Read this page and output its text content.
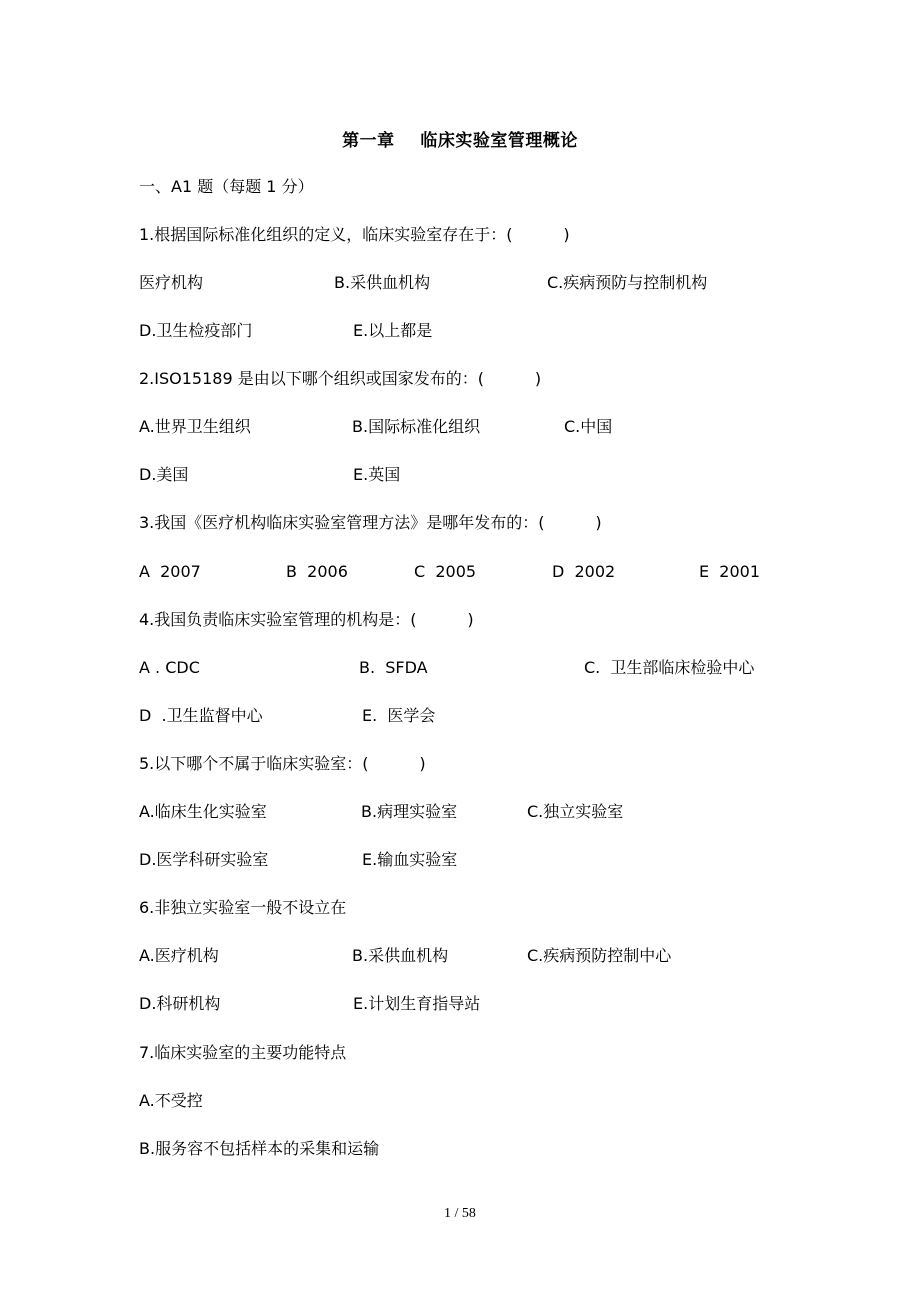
第一章    临床实验室管理概论
一、A1 题（每题 1 分）
1.根据国际标准化组织的定义，临床实验室存在于：(          )
医疗机构	B.采供血机构	C.疾病预防与控制机构
D.卫生检疫部门	E.以上都是
2.ISO15189 是由以下哪个组织或国家发布的：(          )
A.世界卫生组织	B.国际标准化组织	C.中国
D.美国	E.英国
3.我国《医疗机构临床实验室管理方法》是哪年发布的：(          )
A  2007	B  2006	C  2005	D  2002	E  2001
4.我国负责临床实验室管理的机构是：(          )
A . CDC	B.  SFDA	C.  卫生部临床检验中心
D  .卫生监督中心	E.  医学会
5.以下哪个不属于临床实验室：(          )
A.临床生化实验室	B.病理实验室	C.独立实验室
D.医学科研实验室	E.输血实验室
6.非独立实验室一般不设立在
A.医疗机构	B.采供血机构	C.疾病预防控制中心
D.科研机构	E.计划生育指导站
7.临床实验室的主要功能特点
A.不受控
B.服务容不包括样本的采集和运输
1 / 58
